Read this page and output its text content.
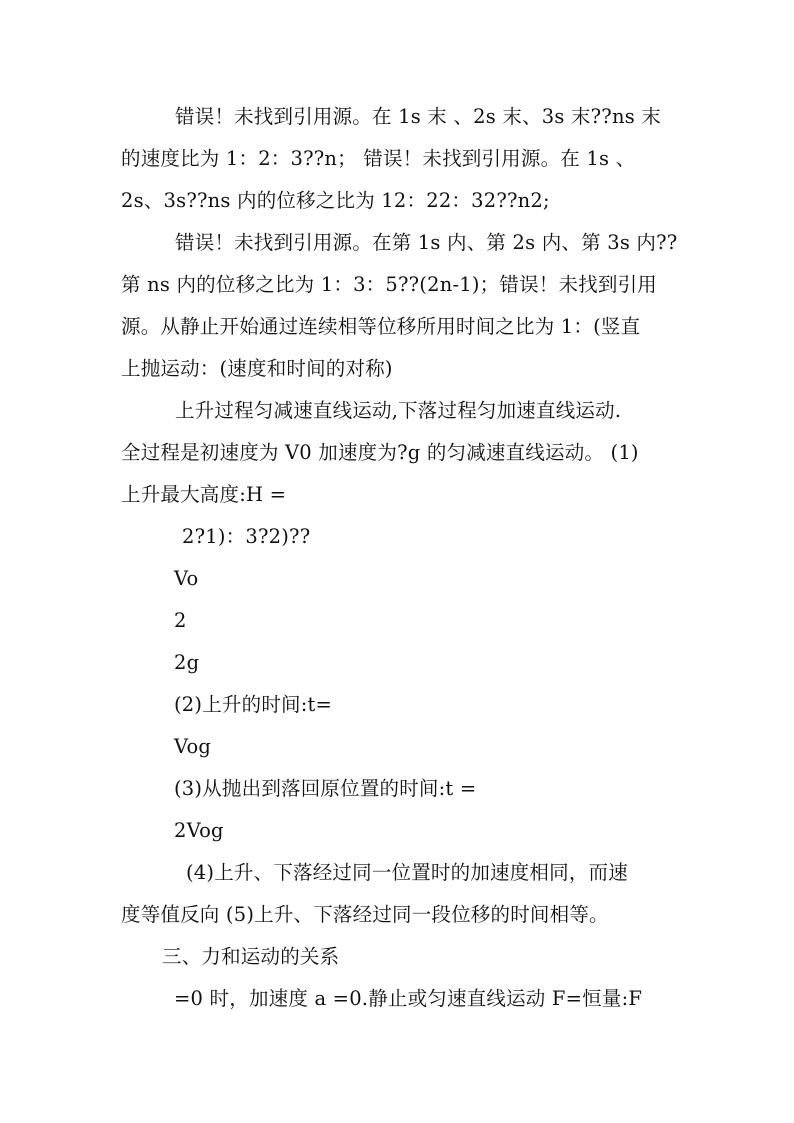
错误！未找到引用源。在 1s 末 、2s 末、3s 末??ns 末
的速度比为 1：2：3??n； 错误！未找到引用源。在 1s 、
2s、3s??ns 内的位移之比为 12：22：32??n2;
错误！未找到引用源。在第 1s 内、第 2s 内、第 3s 内??
第 ns 内的位移之比为 1：3：5??(2n-1)；错误！未找到引用
源。从静止开始通过连续相等位移所用时间之比为 1：(竖直
上抛运动：(速度和时间的对称)
上升过程匀减速直线运动,下落过程匀加速直线运动.
全过程是初速度为 V0 加速度为?g 的匀减速直线运动。 (1)
上升最大高度:H =
2?1)：3?2)??
Vo
2
2g
(2)上升的时间:t=
Vog
(3)从抛出到落回原位置的时间:t =
2Vog
(4)上升、下落经过同一位置时的加速度相同，而速
度等值反向 (5)上升、下落经过同一段位移的时间相等。
三、力和运动的关系
=0 时，加速度 a =0.静止或匀速直线运动 F=恒量:F
